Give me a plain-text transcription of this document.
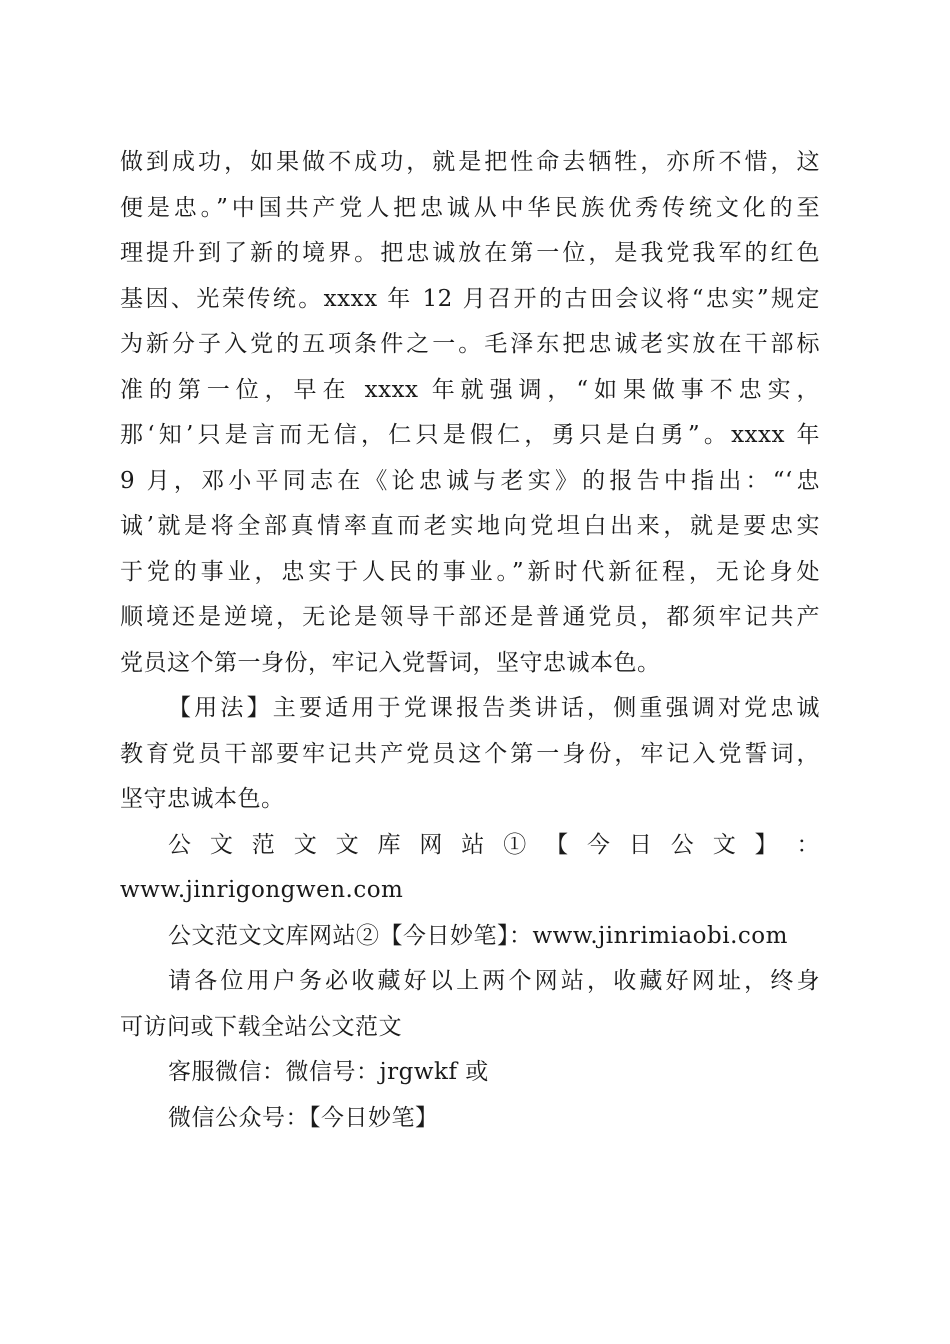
做到成功，如果做不成功，就是把性命去牺牲，亦所不惜，这
便是忠。”中国共产党人把忠诚从中华民族优秀传统文化的至
理提升到了新的境界。把忠诚放在第一位，是我党我军的红色
基因、光荣传统。xxxx 年 12 月召开的古田会议将“忠实”规定
为新分子入党的五项条件之一。毛泽东把忠诚老实放在干部标
准的第一位，早在 xxxx 年就强调，“如果做事不忠实，
那‘知’只是言而无信，仁只是假仁，勇只是白勇”。xxxx 年
9 月，邓小平同志在《论忠诚与老实》的报告中指出：“‘忠
诚’就是将全部真情率直而老实地向党坦白出来，就是要忠实
于党的事业，忠实于人民的事业。”新时代新征程，无论身处
顺境还是逆境，无论是领导干部还是普通党员，都须牢记共产
党员这个第一身份，牢记入党誓词，坚守忠诚本色。
【用法】主要适用于党课报告类讲话，侧重强调对党忠诚
教育党员干部要牢记共产党员这个第一身份，牢记入党誓词，
坚守忠诚本色。
公 文 范 文 文 库 网 站 ① 【 今 日 公 文 】 ：
www.jinrigongwen.com
公文范文文库网站②【今日妙笔】：www.jinrimiaobi.com
请各位用户务必收藏好以上两个网站，收藏好网址，终身
可访问或下载全站公文范文
客服微信：微信号：jrgwkf 或
微信公众号：【今日妙笔】
